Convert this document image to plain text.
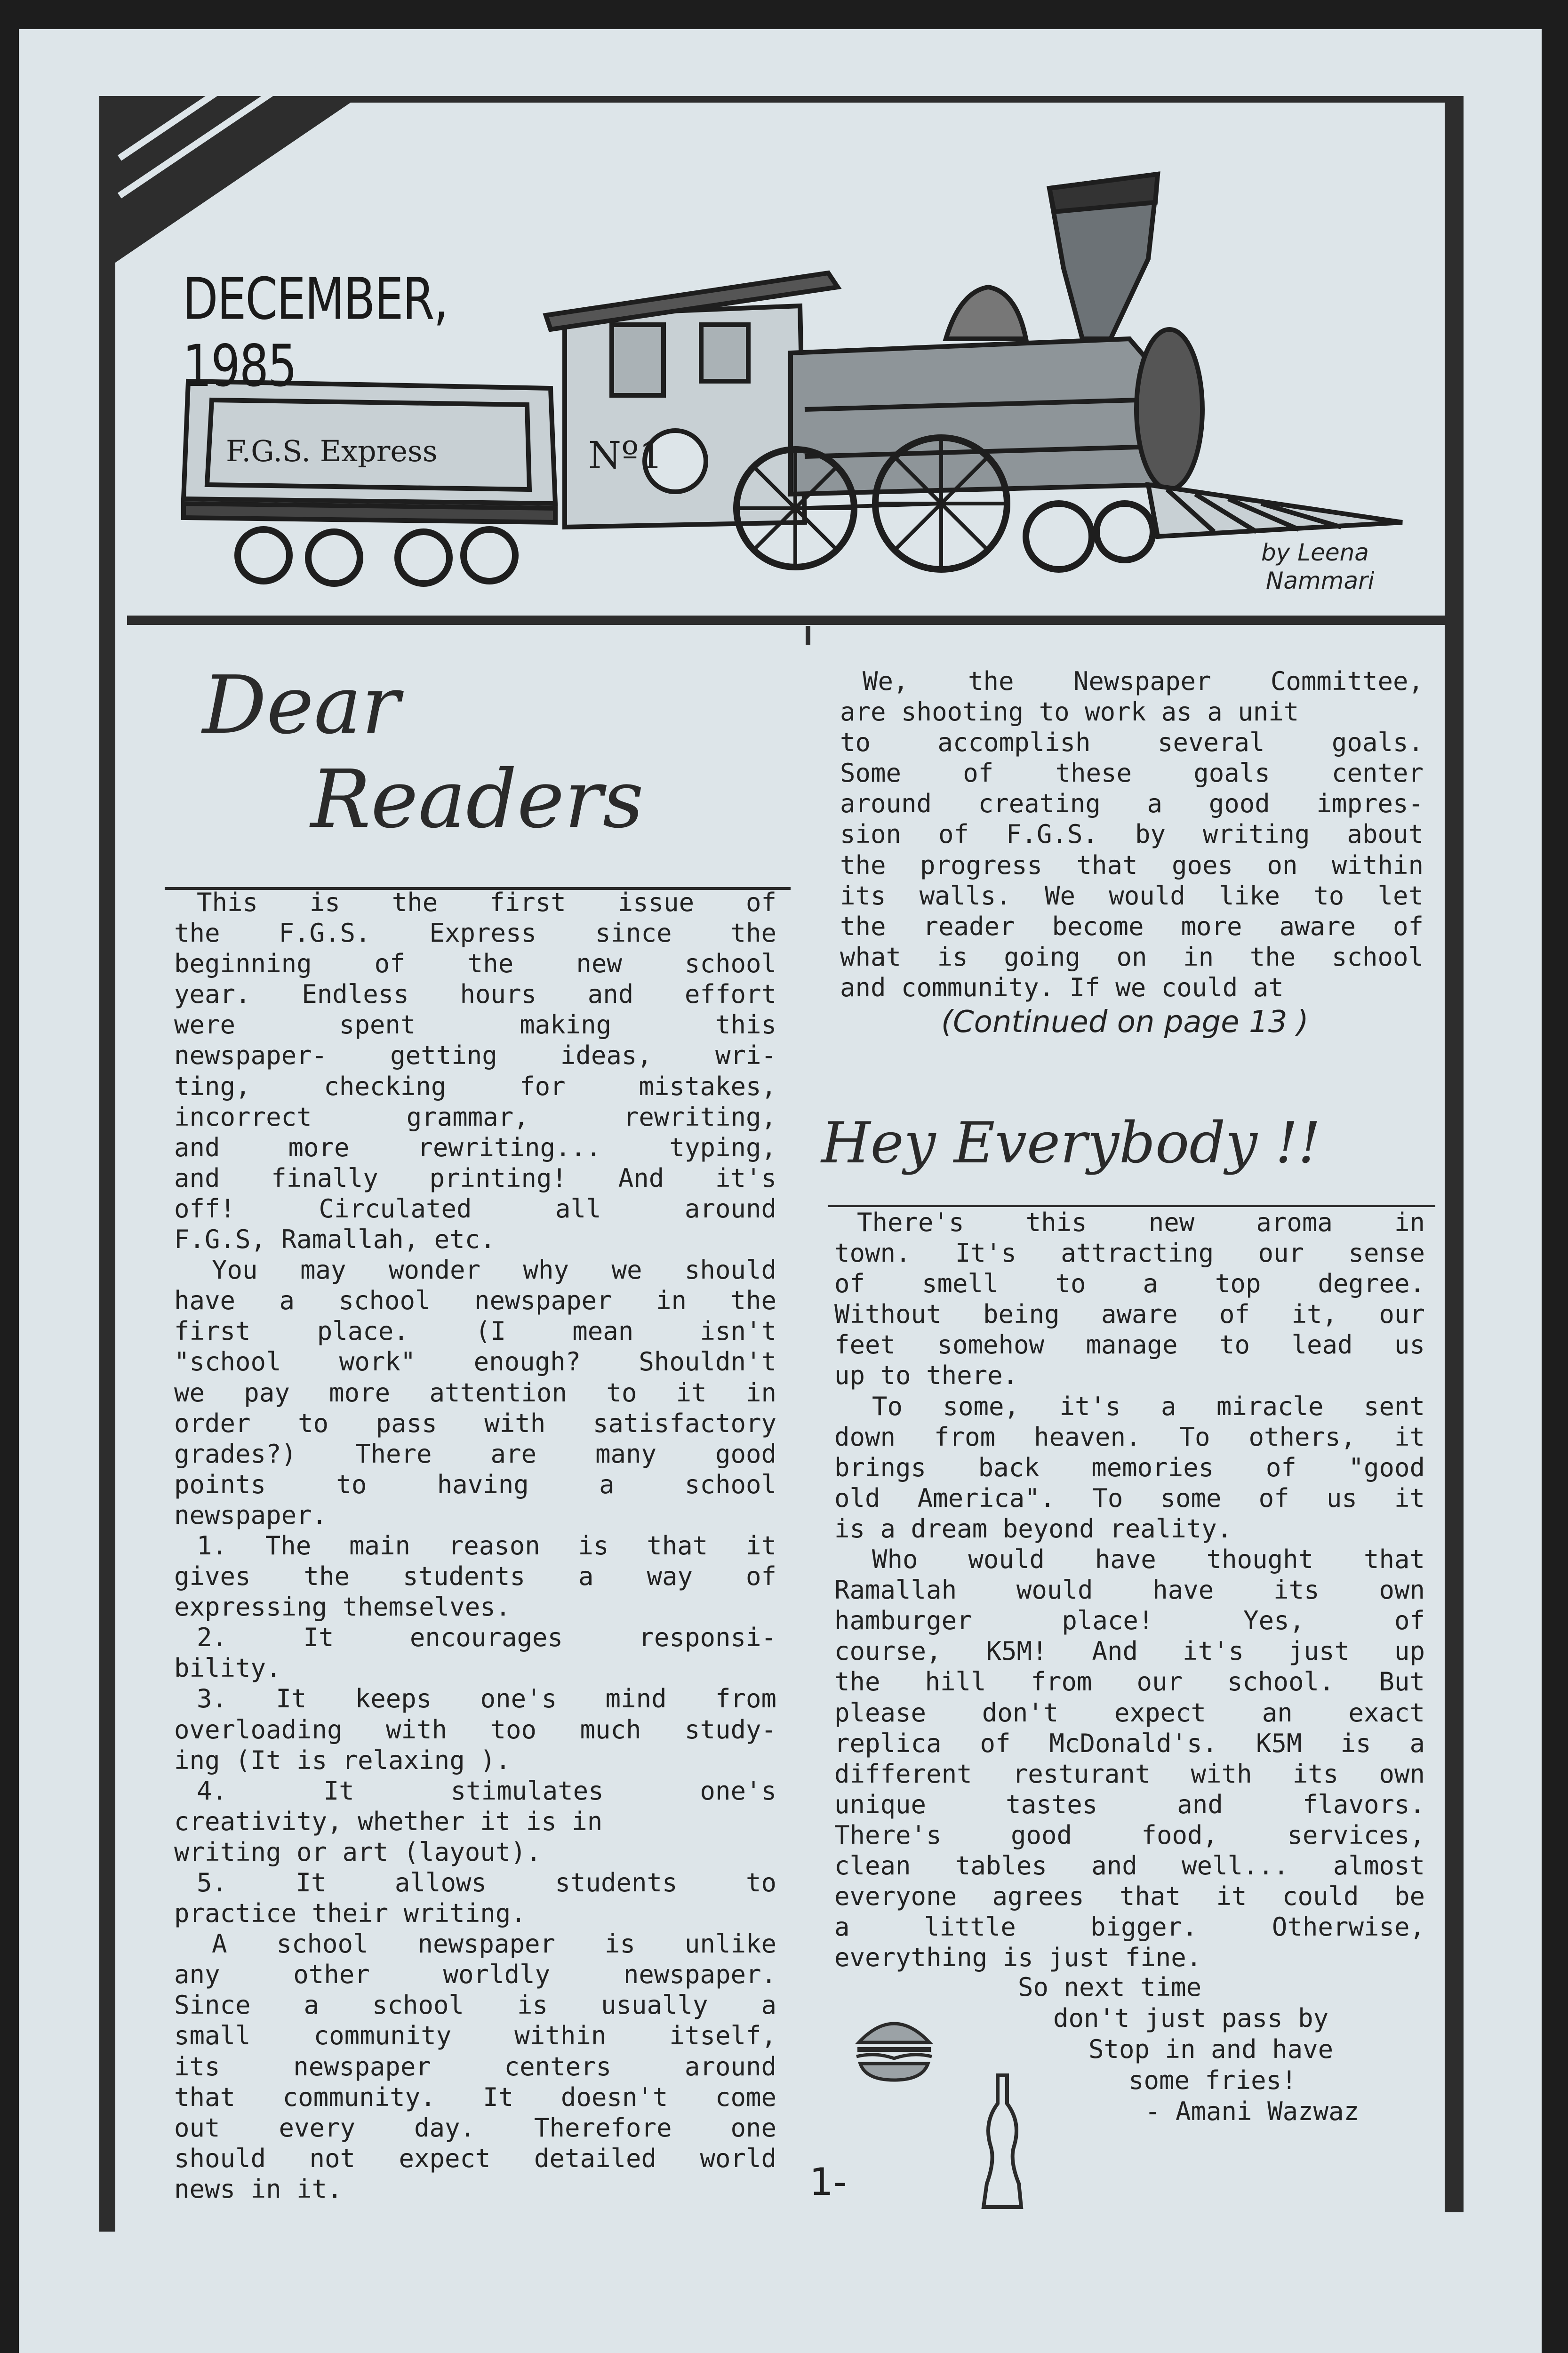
F.G.S. Express	Nº1
DECEMBER, 1985
by Leena
Nammari
Dear
Readers
This is the first issue of
the F.G.S. Express since the
beginning of the new school
year. Endless hours and effort
were spent making this
newspaper- getting ideas, wri-
ting, checking for mistakes,
incorrect grammar, rewriting,
and more rewriting... typing,
and finally printing! And it's
off! Circulated all around
F.G.S, Ramallah, etc.
You may wonder why we should
have a school newspaper in the
first place. (I mean isn't
"school work" enough? Shouldn't
we pay more attention to it in
order to pass with satisfactory
grades?) There are many good
points to having a school
newspaper.
1. The main reason is that it
gives the students a way of
expressing themselves.
2. It encourages responsi-
bility.
3. It keeps one's mind from
overloading with too much study-
ing (It is relaxing ).
4. It stimulates one's
creativity, whether it is in
writing or art (layout).
5. It allows students to
practice their writing.
A school newspaper is unlike
any other worldly newspaper.
Since a school is usually a
small community within itself,
its newspaper centers around
that community. It doesn't come
out every day. Therefore one
should not expect detailed world
news in it.
We, the Newspaper Committee,
are shooting to work as a unit
to accomplish several goals.
Some of these goals center
around creating a good impres-
sion of F.G.S. by writing about
the progress that goes on within
its walls. We would like to let
the reader become more aware of
what is going on in the school
and community. If we could at
(Continued on page 13 )
Hey Everybody !!
There's this new aroma in
town. It's attracting our sense
of smell to a top degree.
Without being aware of it, our
feet somehow manage to lead us
up to there.
To some, it's a miracle sent
down from heaven. To others, it
brings back memories of "good
old America". To some of us it
is a dream beyond reality.
Who would have thought that
Ramallah would have its own
hamburger place! Yes, of
course, K5M! And it's just up
the hill from our school. But
please don't expect an exact
replica of McDonald's. K5M is a
different resturant with its own
unique tastes and flavors.
There's good food, services,
clean tables and well... almost
everyone agrees that it could be
a little bigger. Otherwise,
everything is just fine.
So next time
don't just pass by
Stop in and have
some fries!
- Amani Wazwaz
1-
